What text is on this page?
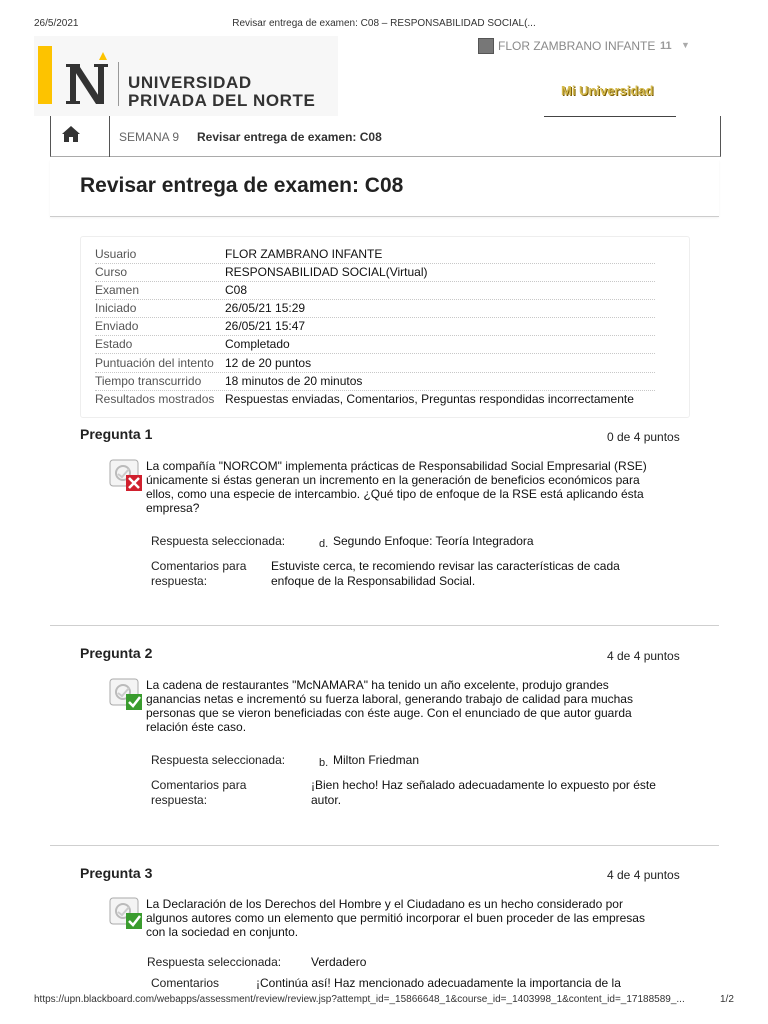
26/5/2021	Revisar entrega de examen: C08 – RESPONSABILIDAD SOCIAL(...
UNIVERSIDAD
PRIVADA DEL NORTE
FLOR ZAMBRANO INFANTE 11 ▼
Mi Universidad
SEMANA 9 Revisar entrega de examen: C08
Revisar entrega de examen: C08
Usuario	FLOR ZAMBRANO INFANTE
Curso	RESPONSABILIDAD SOCIAL(Virtual)
Examen	C08
Iniciado	26/05/21 15:29
Enviado	26/05/21 15:47
Estado	Completado
Puntuación del intento 12 de 20 puntos
Tiempo transcurrido 18 minutos de 20 minutos
Resultados mostrados Respuestas enviadas, Comentarios, Preguntas respondidas incorrectamente
Pregunta 1	0 de 4 puntos
La compañía "NORCOM" implementa prácticas de Responsabilidad Social Empresarial (RSE)
únicamente si éstas generan un incremento en la generación de beneficios económicos para
ellos, como una especie de intercambio. ¿Qué tipo de enfoque de la RSE está aplicando ésta
empresa?
Respuesta seleccionada:	d. Segundo Enfoque: Teoría Integradora
Comentarios para
respuesta:
Estuviste cerca, te recomiendo revisar las características de cada
enfoque de la Responsabilidad Social.
Pregunta 2	4 de 4 puntos
La cadena de restaurantes "McNAMARA" ha tenido un año excelente, produjo grandes
ganancias netas e incrementó su fuerza laboral, generando trabajo de calidad para muchas
personas que se vieron beneficiadas con éste auge. Con el enunciado de que autor guarda
relación éste caso.
Respuesta seleccionada:	b. Milton Friedman
Comentarios para
respuesta:
¡Bien hecho! Haz señalado adecuadamente lo expuesto por éste
autor.
Pregunta 3	4 de 4 puntos
La Declaración de los Derechos del Hombre y el Ciudadano es un hecho considerado por
algunos autores como un elemento que permitió incorporar el buen proceder de las empresas
con la sociedad en conjunto.
Respuesta seleccionada: Verdadero
Comentarios	¡Continúa así! Haz mencionado adecuadamente la importancia de la
https://upn.blackboard.com/webapps/assessment/review/review.jsp?attempt_id=_15866648_1&course_id=_1403998_1&content_id=_17188589_...	1/2
